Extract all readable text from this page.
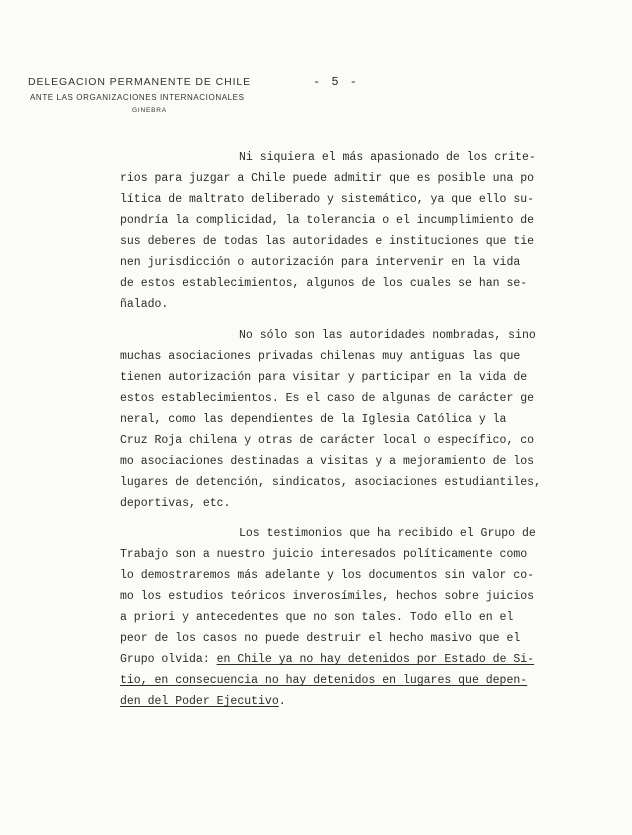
DELEGACION PERMANENTE DE CHILE
ANTE LAS ORGANIZACIONES INTERNACIONALES
GINEBRA
- 5 -
Ni siquiera el más apasionado de los crite-
rios para juzgar a Chile puede admitir que es posible una po
lítica de maltrato deliberado y sistemático, ya que ello su-
pondría la complicidad, la tolerancia o el incumplimiento de
sus deberes de todas las autoridades e instituciones que tie
nen jurisdicción o autorización para intervenir en la vida
de estos establecimientos, algunos de los cuales se han se-
ñalado.
No sólo son las autoridades nombradas, sino
muchas asociaciones privadas chilenas muy antiguas las que
tienen autorización para visitar y participar en la vida de
estos establecimientos. Es el caso de algunas de carácter ge
neral, como las dependientes de la Iglesia Católica y la
Cruz Roja chilena y otras de carácter local o específico, co
mo asociaciones destinadas a visitas y a mejoramiento de los
lugares de detención, sindicatos, asociaciones estudiantiles,
deportivas, etc.
Los testimonios que ha recibido el Grupo de
Trabajo son a nuestro juicio interesados políticamente como
lo demostraremos más adelante y los documentos sin valor co-
mo los estudios teóricos inverosímiles, hechos sobre juicios
a priori y antecedentes que no son tales. Todo ello en el
peor de los casos no puede destruir el hecho masivo que el
Grupo olvida: en Chile ya no hay detenidos por Estado de Si-
tio, en consecuencia no hay detenidos en lugares que depen-
den del Poder Ejecutivo.
